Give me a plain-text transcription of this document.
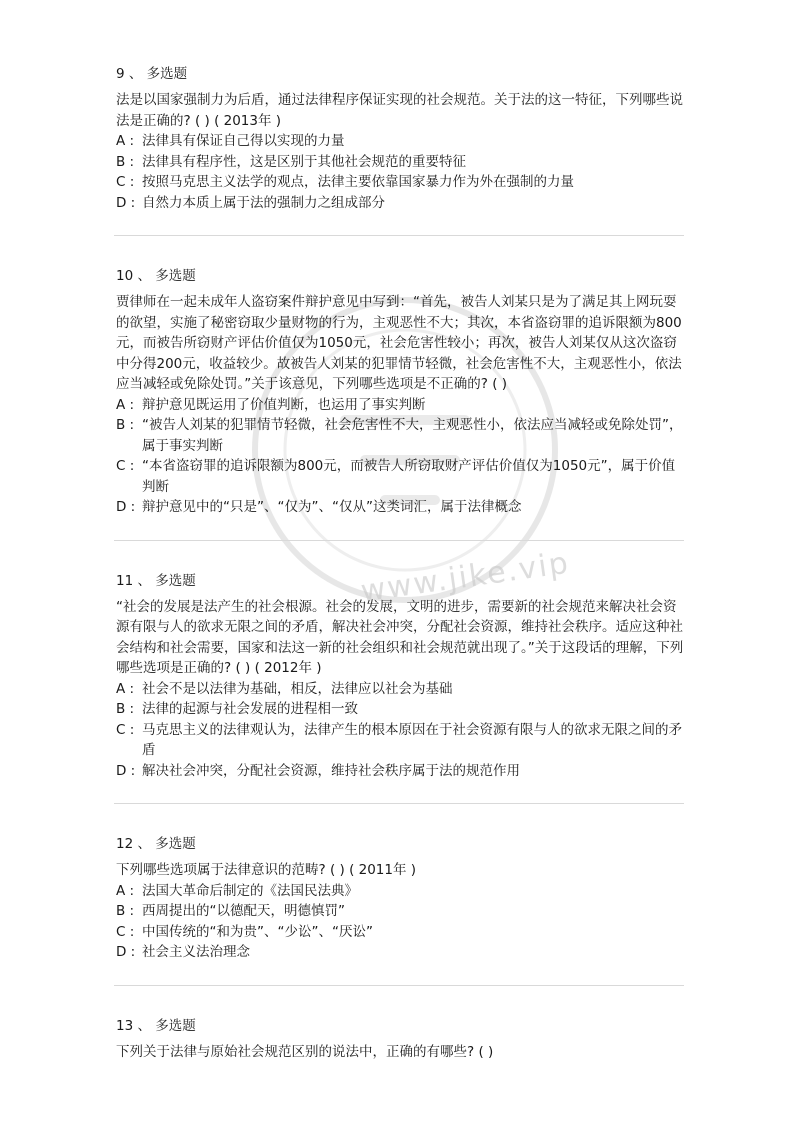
www.jike.vip
9 、 多选题
法是以国家强制力为后盾，通过法律程序保证实现的社会规范。关于法的这一特征，下列哪些说法是正确的? ( ) ( 2013年 )
A : 法律具有保证自己得以实现的力量
B : 法律具有程序性，这是区别于其他社会规范的重要特征
C : 按照马克思主义法学的观点，法律主要依靠国家暴力作为外在强制的力量
D : 自然力本质上属于法的强制力之组成部分
10 、 多选题
贾律师在一起未成年人盗窃案件辩护意见中写到：“首先，被告人刘某只是为了满足其上网玩耍的欲望，实施了秘密窃取少量财物的行为，主观恶性不大；其次，本省盗窃罪的追诉限额为800元，而被告所窃财产评估价值仅为1050元，社会危害性较小；再次，被告人刘某仅从这次盗窃中分得200元，收益较少。故被告人刘某的犯罪情节轻微，社会危害性不大，主观恶性小，依法应当减轻或免除处罚。”关于该意见，下列哪些选项是不正确的? ( )
A : 辩护意见既运用了价值判断，也运用了事实判断
B : “被告人刘某的犯罪情节轻微，社会危害性不大，主观恶性小，依法应当减轻或免除处罚”，属于事实判断
C : “本省盗窃罪的追诉限额为800元，而被告人所窃取财产评估价值仅为1050元”，属于价值判断
D : 辩护意见中的“只是”、“仅为”、“仅从”这类词汇，属于法律概念
11 、 多选题
“社会的发展是法产生的社会根源。社会的发展，文明的进步，需要新的社会规范来解决社会资源有限与人的欲求无限之间的矛盾，解决社会冲突，分配社会资源，维持社会秩序。适应这种社会结构和社会需要，国家和法这一新的社会组织和社会规范就出现了。”关于这段话的理解，下列哪些选项是正确的? ( ) ( 2012年 )
A : 社会不是以法律为基础，相反，法律应以社会为基础
B : 法律的起源与社会发展的进程相一致
C : 马克思主义的法律观认为，法律产生的根本原因在于社会资源有限与人的欲求无限之间的矛盾
D : 解决社会冲突，分配社会资源，维持社会秩序属于法的规范作用
12 、 多选题
下列哪些选项属于法律意识的范畴? ( ) ( 2011年 )
A : 法国大革命后制定的《法国民法典》
B : 西周提出的“以德配天，明德慎罚”
C : 中国传统的“和为贵”、“少讼”、“厌讼”
D : 社会主义法治理念
13 、 多选题
下列关于法律与原始社会规范区别的说法中，正确的有哪些? ( )
